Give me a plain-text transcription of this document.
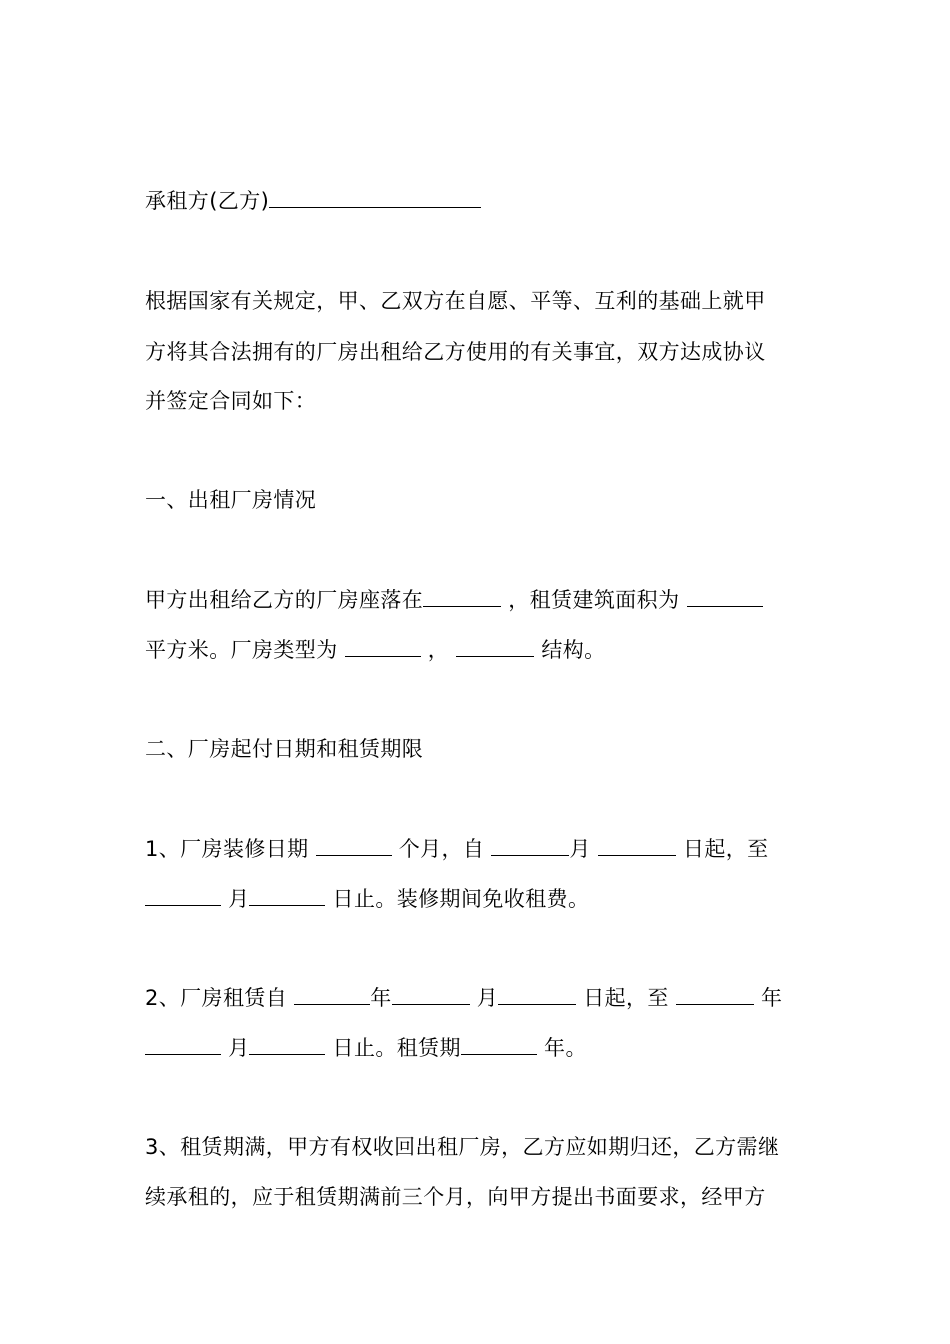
承租方(乙方)
根据国家有关规定，甲、乙双方在自愿、平等、互利的基础上就甲
方将其合法拥有的厂房出租给乙方使用的有关事宜，双方达成协议
并签定合同如下：
一、出租厂房情况
甲方出租给乙方的厂房座落在	，租赁建筑面积为
平方米。厂房类型为	，	结构。
二、厂房起付日期和租赁期限
1、厂房装修日期	个月，自	月	日起，至
月	日止。装修期间免收租费。
2、厂房租赁自	年	月	日起，至	年
月	日止。租赁期	年。
3、租赁期满，甲方有权收回出租厂房，乙方应如期归还，乙方需继
续承租的，应于租赁期满前三个月，向甲方提出书面要求，经甲方
